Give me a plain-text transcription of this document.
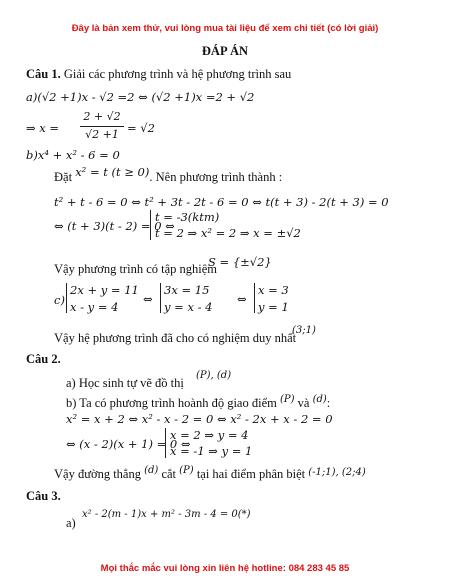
Đây là bản xem thử, vui lòng mua tài liệu để xem chi tiết (có lời giải)
ĐÁP ÁN
Câu 1. Giải các phương trình và hệ phương trình sau
a)(√2 +1)x - √2 =2 ⇔ (√2 +1)x =2 + √2
⇒ x =
2 + √2
√2 +1 = √2
b)x⁴ + x² - 6 = 0
Đặt x² = t (t ≥ 0). Nên phương trình thành :
t² + t - 6 = 0 ⇔ t² + 3t - 2t - 6 = 0 ⇔ t(t + 3) - 2(t + 3) = 0
⇔ (t + 3)(t - 2) = 0 ⇔
t = -3(ktm)
t = 2 ⇒ x² = 2 ⇒ x = ±√2
Vậy phương trình có tập nghiệm
S = {±√2}
c)
2x + y = 11
x - y = 4
⇔
3x = 15
y = x - 4
⇔
x = 3
y = 1
Vậy hệ phương trình đã cho có nghiệm duy nhất
(3;1)
Câu 2.
a) Học sinh tự vẽ đồ thị
(P), (d)
b) Ta có phương trình hoành độ giao điểm $^{(P)}$ và $^{(d)}$:
x² = x + 2 ⇔ x² - x - 2 = 0 ⇔ x² - 2x + x - 2 = 0
⇔ (x - 2)(x + 1) = 0 ⇔
x = 2 ⇒ y = 4
x = -1 ⇒ y = 1
Vậy đường thẳng $^{(d)}$ cắt $^{(P)}$ tại hai điểm phân biệt $^{(-1;1), (2;4)}$
Câu 3.
a)
x² - 2(m - 1)x + m² - 3m - 4 = 0(*)
Mọi thắc mắc vui lòng xin liên hệ hotline: 084 283 45 85
